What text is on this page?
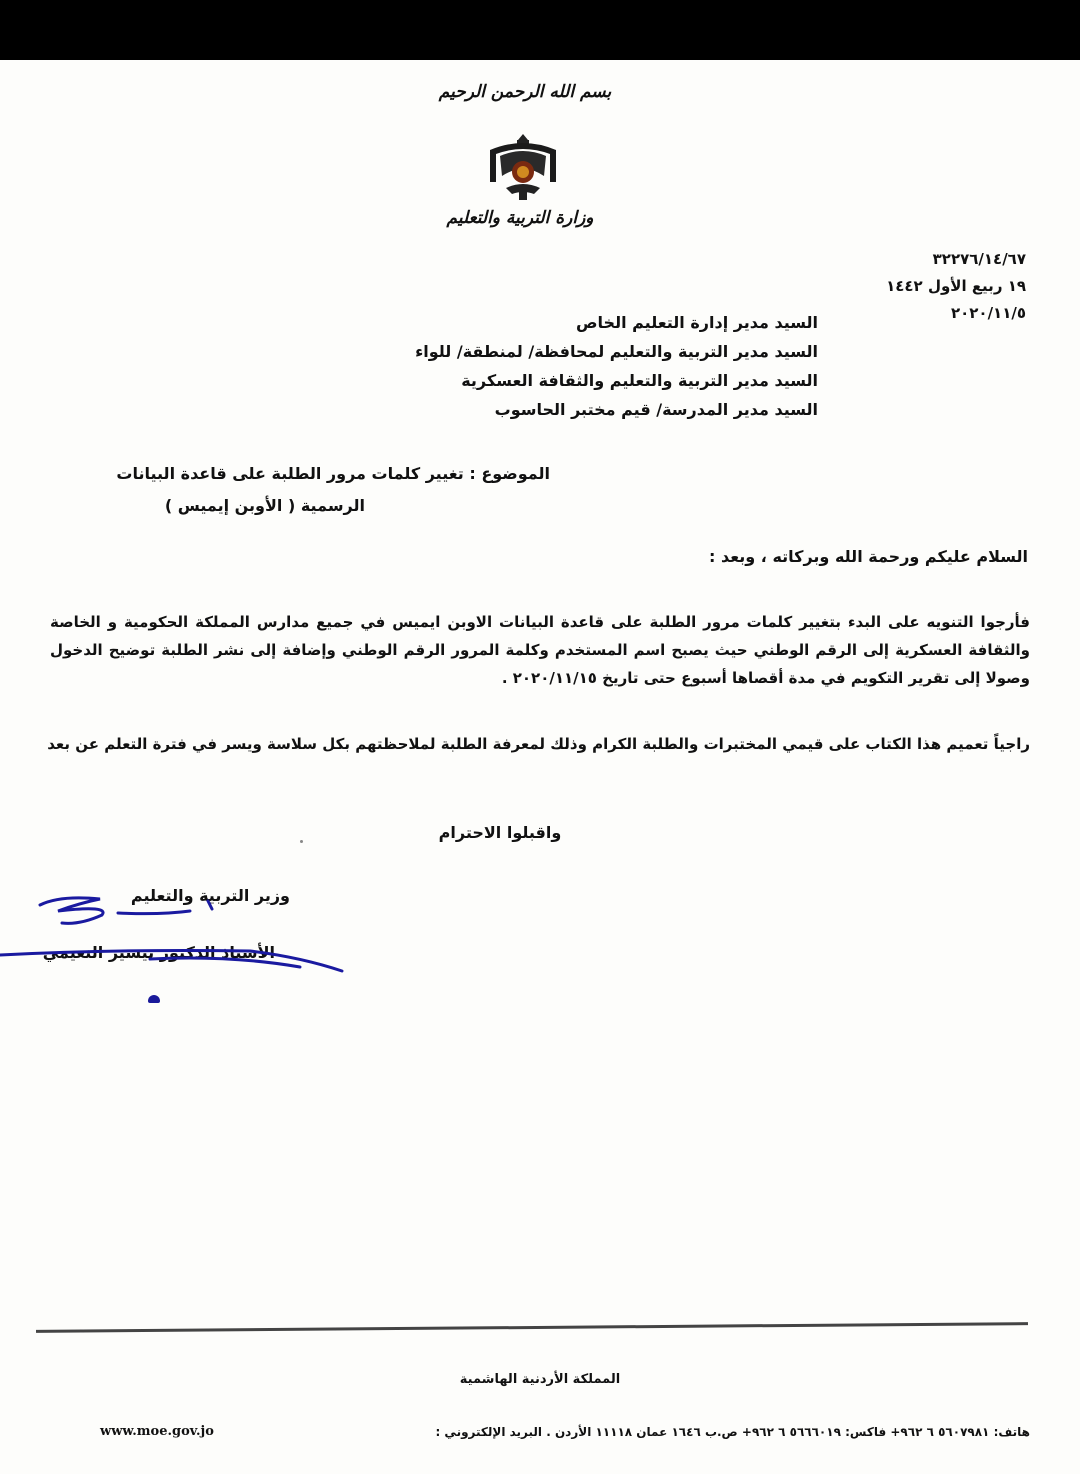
بسم الله الرحمن الرحيم
وزارة التربية والتعليم
٣٢٢٧٦/١٤/٦٧
١٩ ربيع الأول ١٤٤٢
٢٠٢٠/١١/٥
السيد مدير إدارة التعليم الخاص
السيد مدير التربية والتعليم لمحافظة/ لمنطقة/ للواء
السيد مدير التربية والتعليم والثقافة العسكرية
السيد مدير المدرسة/ قيم مختبر الحاسوب
الموضوع : تغيير كلمات مرور الطلبة على قاعدة البيانات
الرسمية ( الأوبن إيميس )
السلام عليكم ورحمة الله وبركاته ، وبعد :
فأرجوا التنويه على البدء بتغيير كلمات مرور الطلبة على قاعدة البيانات الاوبن ايميس في جميع مدارس المملكة الحكومية و الخاصة والثقافة العسكرية إلى الرقم الوطني حيث يصبح اسم المستخدم وكلمة المرور الرقم الوطني وإضافة إلى نشر الطلبة توضيح الدخول وصولا إلى تقرير التكويم في مدة أقصاها أسبوع حتى تاريخ ٢٠٢٠/١١/١٥ .
راجياً تعميم هذا الكتاب على قيمي المختبرات والطلبة الكرام وذلك لمعرفة الطلبة لملاحظتهم بكل سلاسة ويسر في فترة التعلم عن بعد
واقبلوا الاحترام
وزير التربية والتعليم
الأستاذ الدكتور تيسير النعيمي
المملكة الأردنية الهاشمية
www.moe.gov.jo	هاتف: ٥٦٠٧٩٨١ ٦ ٩٦٢+ فاكس: ٥٦٦٦٠١٩ ٦ ٩٦٢+ ص.ب ١٦٤٦ عمان ١١١١٨ الأردن . البريد الإلكتروني :
